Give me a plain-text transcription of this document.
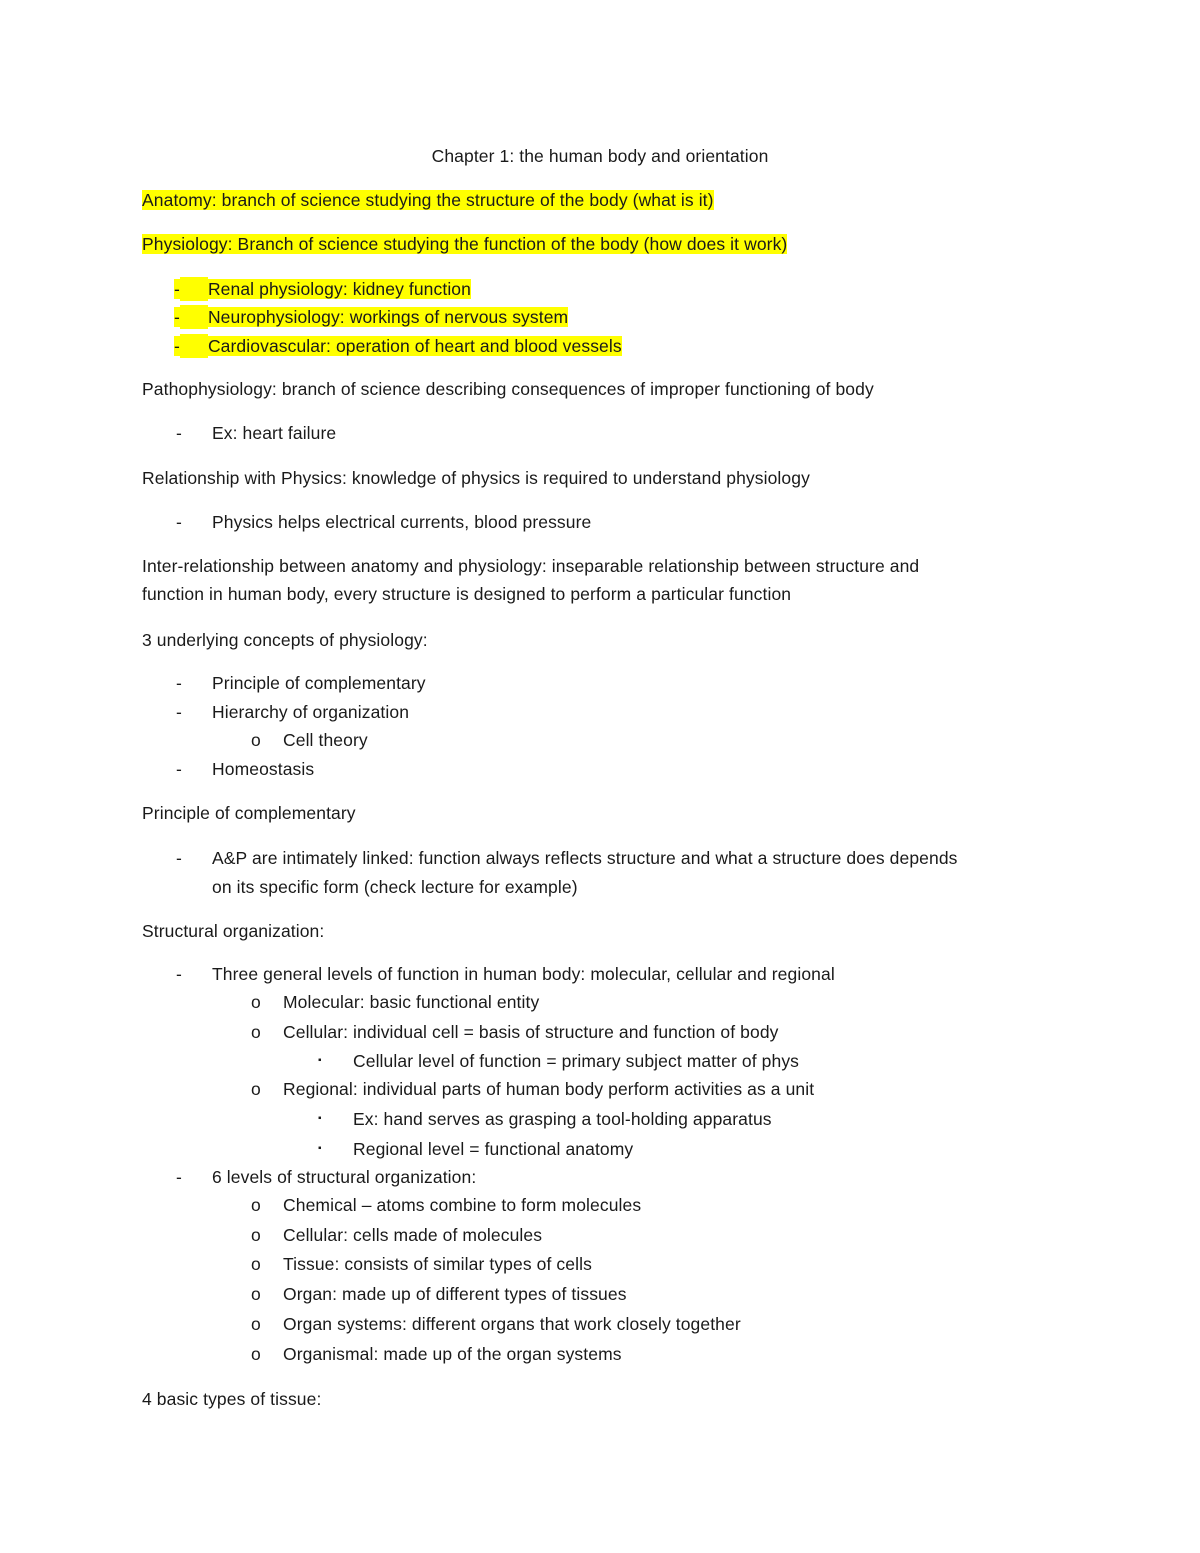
Chapter 1: the human body and orientation
Anatomy: branch of science studying the structure of the body (what is it)
Physiology: Branch of science studying the function of the body (how does it work)
- Renal physiology: kidney function
- Neurophysiology: workings of nervous system
- Cardiovascular: operation of heart and blood vessels
Pathophysiology: branch of science describing consequences of improper functioning of body
- Ex: heart failure
Relationship with Physics: knowledge of physics is required to understand physiology
- Physics helps electrical currents, blood pressure
Inter-relationship between anatomy and physiology: inseparable relationship between structure and
function in human body, every structure is designed to perform a particular function
3 underlying concepts of physiology:
- Principle of complementary
- Hierarchy of organization
o Cell theory
- Homeostasis
Principle of complementary
- A&P are intimately linked: function always reflects structure and what a structure does depends
on its specific form (check lecture for example)
Structural organization:
- Three general levels of function in human body: molecular, cellular and regional
o Molecular: basic functional entity
o Cellular: individual cell = basis of structure and function of body
▪ Cellular level of function = primary subject matter of phys
o Regional: individual parts of human body perform activities as a unit
▪ Ex: hand serves as grasping a tool-holding apparatus
▪ Regional level = functional anatomy
- 6 levels of structural organization:
o Chemical – atoms combine to form molecules
o Cellular: cells made of molecules
o Tissue: consists of similar types of cells
o Organ: made up of different types of tissues
o Organ systems: different organs that work closely together
o Organismal: made up of the organ systems
4 basic types of tissue:
